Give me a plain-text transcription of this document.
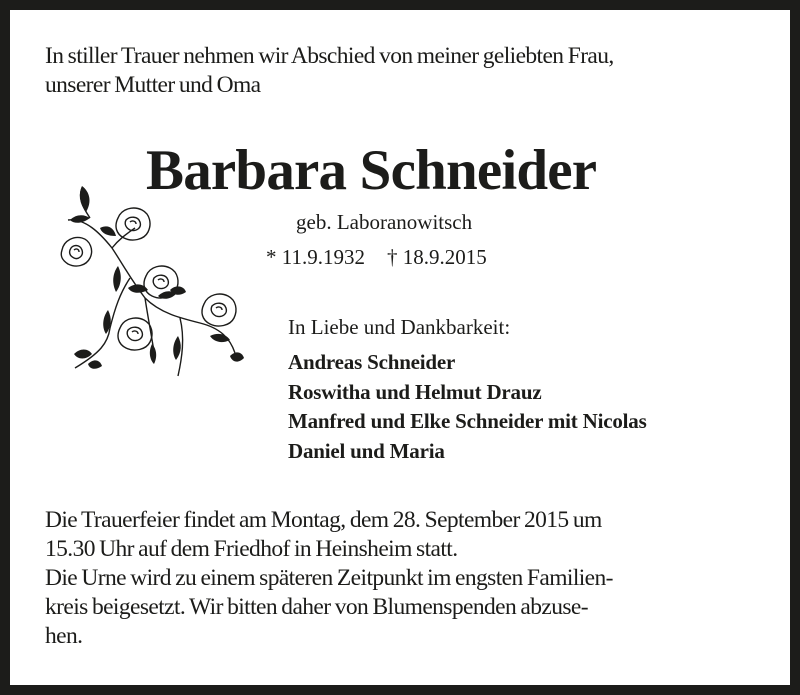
In stiller Trauer nehmen wir Abschied von meiner geliebten Frau,
unserer Mutter und Oma
Barbara Schneider
geb. Laboranowitsch
* 11.9.1932 † 18.9.2015
In Liebe und Dankbarkeit:
Andreas Schneider
Roswitha und Helmut Drauz
Manfred und Elke Schneider mit Nicolas
Daniel und Maria
Die Trauerfeier findet am Montag, dem 28. September 2015 um
15.30 Uhr auf dem Friedhof in Heinsheim statt.
Die Urne wird zu einem späteren Zeitpunkt im engsten Familien-
kreis beigesetzt. Wir bitten daher von Blumenspenden abzuse-
hen.
